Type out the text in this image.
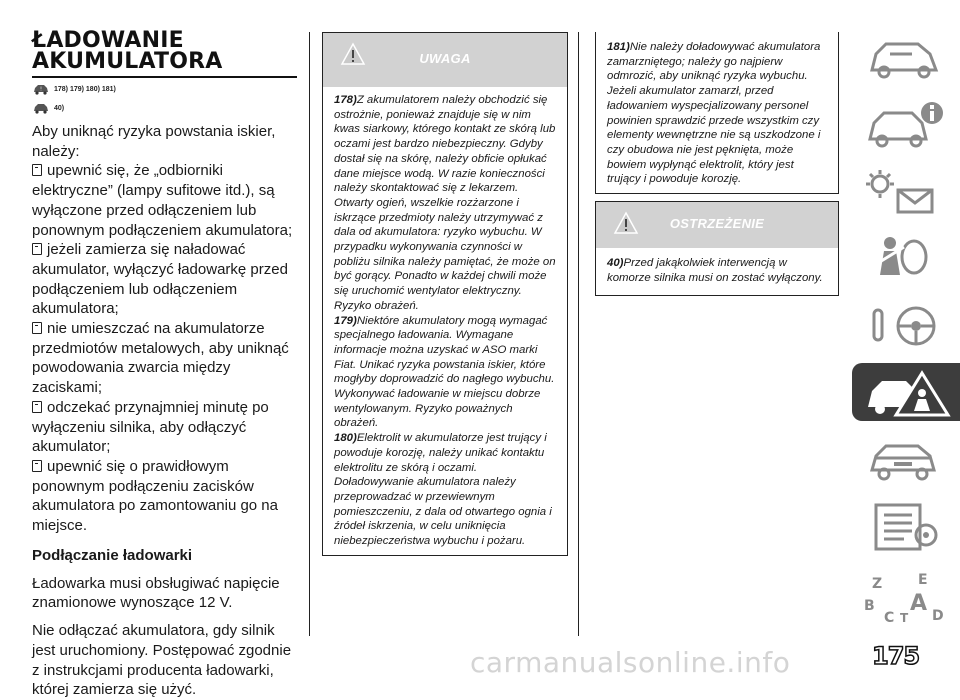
ŁADOWANIE
AKUMULATORA
! 178) 179) 180) 181)
40)
Aby uniknąć ryzyka powstania iskier, należy:
upewnić się, że „odbiorniki elektryczne” (lampy sufitowe itd.), są wyłączone przed odłączeniem lub ponownym podłączeniem akumulatora;
jeżeli zamierza się naładować akumulator, wyłączyć ładowarkę przed podłączeniem lub odłączeniem akumulatora;
nie umieszczać na akumulatorze przedmiotów metalowych, aby uniknąć powodowania zwarcia między zaciskami;
odczekać przynajmniej minutę po wyłączeniu silnika, aby odłączyć akumulator;
upewnić się o prawidłowym ponownym podłączeniu zacisków akumulatora po zamontowaniu go na miejsce.
Podłączanie ładowarki
Ładowarka musi obsługiwać napięcie znamionowe wynoszące 12 V.
Nie odłączać akumulatora, gdy silnik jest uruchomiony. Postępować zgodnie z instrukcjami producenta ładowarki, której zamierza się użyć.
UWAGA
178)Z akumulatorem należy obchodzić się ostrożnie, ponieważ znajduje się w nim kwas siarkowy, którego kontakt ze skórą lub oczami jest bardzo niebezpieczny. Gdyby dostał się na skórę, należy obficie opłukać dane miejsce wodą. W razie konieczności należy skontaktować się z lekarzem. Otwarty ogień, wszelkie rozżarzone i iskrzące przedmioty należy utrzymywać z dala od akumulatora: ryzyko wybuchu. W przypadku wykonywania czynności w pobliżu silnika należy pamiętać, że może on być gorący. Ponadto w każdej chwili może się uruchomić wentylator elektryczny. Ryzyko obrażeń.
179)Niektóre akumulatory mogą wymagać specjalnego ładowania. Wymagane informacje można uzyskać w ASO marki Fiat. Unikać ryzyka powstania iskier, które mogłyby doprowadzić do nagłego wybuchu. Wykonywać ładowanie w miejscu dobrze wentylowanym. Ryzyko poważnych obrażeń.
180)Elektrolit w akumulatorze jest trujący i powoduje korozję, należy unikać kontaktu elektrolitu ze skórą i oczami. Doładowywanie akumulatora należy przeprowadzać w przewiewnym pomieszczeniu, z dala od otwartego ognia i źródeł iskrzenia, w celu uniknięcia niebezpieczeństwa wybuchu i pożaru.
181)Nie należy doładowywać akumulatora zamarzniętego; należy go najpierw odmrozić, aby uniknąć ryzyka wybuchu. Jeżeli akumulator zamarzł, przed ładowaniem wyspecjalizowany personel powinien sprawdzić przede wszystkim czy elementy wewnętrzne nie są uszkodzone i czy obudowa nie jest pęknięta, może bowiem wypłynąć elektrolit, który jest trujący i powoduje korozję.
OSTRZEŻENIE
40)Przed jakąkolwiek interwencją w komorze silnika musi on zostać wyłączony.
Z	E
B
C
A D
T
carmanualsonline.info	175
